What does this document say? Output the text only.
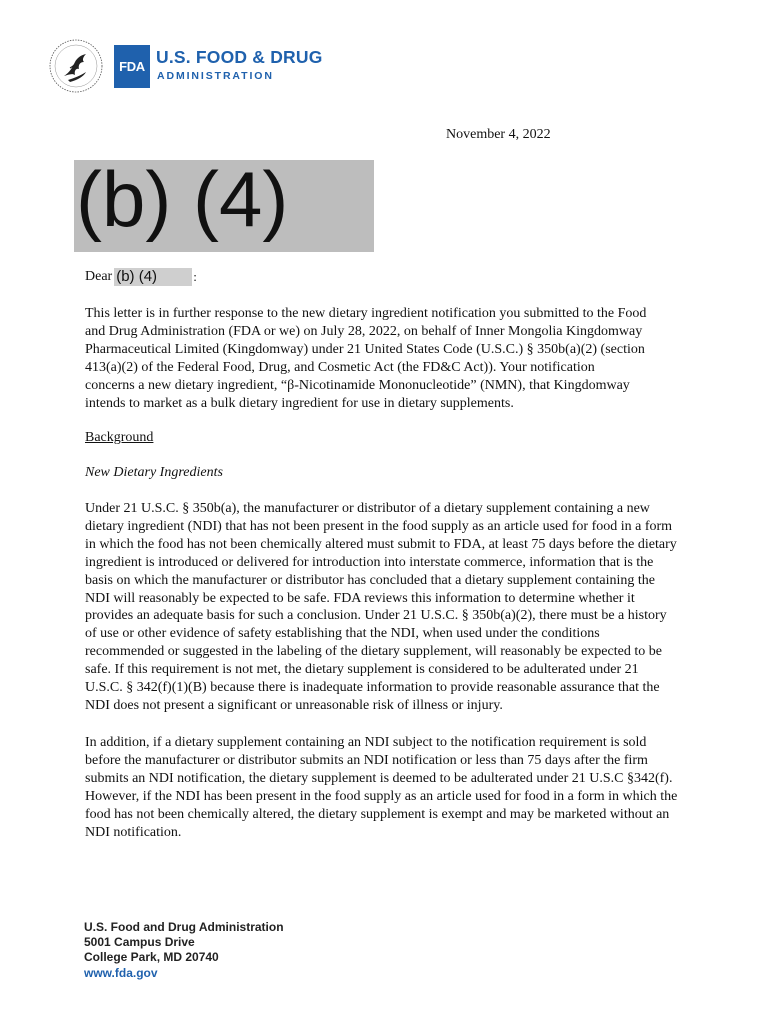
FDA U.S. FOOD & DRUG
ADMINISTRATION
November 4, 2022
(b) (4)
Dear (b) (4)	:
This letter is in further response to the new dietary ingredient notification you submitted to the Food
and Drug Administration (FDA or we) on July 28, 2022, on behalf of Inner Mongolia Kingdomway
Pharmaceutical Limited (Kingdomway) under 21 United States Code (U.S.C.) § 350b(a)(2) (section
413(a)(2) of the Federal Food, Drug, and Cosmetic Act (the FD&C Act)). Your notification
concerns a new dietary ingredient, “β-Nicotinamide Mononucleotide” (NMN), that Kingdomway
intends to market as a bulk dietary ingredient for use in dietary supplements.
Background
New Dietary Ingredients
Under 21 U.S.C. § 350b(a), the manufacturer or distributor of a dietary supplement containing a new
dietary ingredient (NDI) that has not been present in the food supply as an article used for food in a form
in which the food has not been chemically altered must submit to FDA, at least 75 days before the dietary
ingredient is introduced or delivered for introduction into interstate commerce, information that is the
basis on which the manufacturer or distributor has concluded that a dietary supplement containing the
NDI will reasonably be expected to be safe. FDA reviews this information to determine whether it
provides an adequate basis for such a conclusion. Under 21 U.S.C. § 350b(a)(2), there must be a history
of use or other evidence of safety establishing that the NDI, when used under the conditions
recommended or suggested in the labeling of the dietary supplement, will reasonably be expected to be
safe. If this requirement is not met, the dietary supplement is considered to be adulterated under 21
U.S.C. § 342(f)(1)(B) because there is inadequate information to provide reasonable assurance that the
NDI does not present a significant or unreasonable risk of illness or injury.
In addition, if a dietary supplement containing an NDI subject to the notification requirement is sold
before the manufacturer or distributor submits an NDI notification or less than 75 days after the firm
submits an NDI notification, the dietary supplement is deemed to be adulterated under 21 U.S.C §342(f).
However, if the NDI has been present in the food supply as an article used for food in a form in which the
food has not been chemically altered, the dietary supplement is exempt and may be marketed without an
NDI notification.
U.S. Food and Drug Administration
5001 Campus Drive
College Park, MD 20740
www.fda.gov
